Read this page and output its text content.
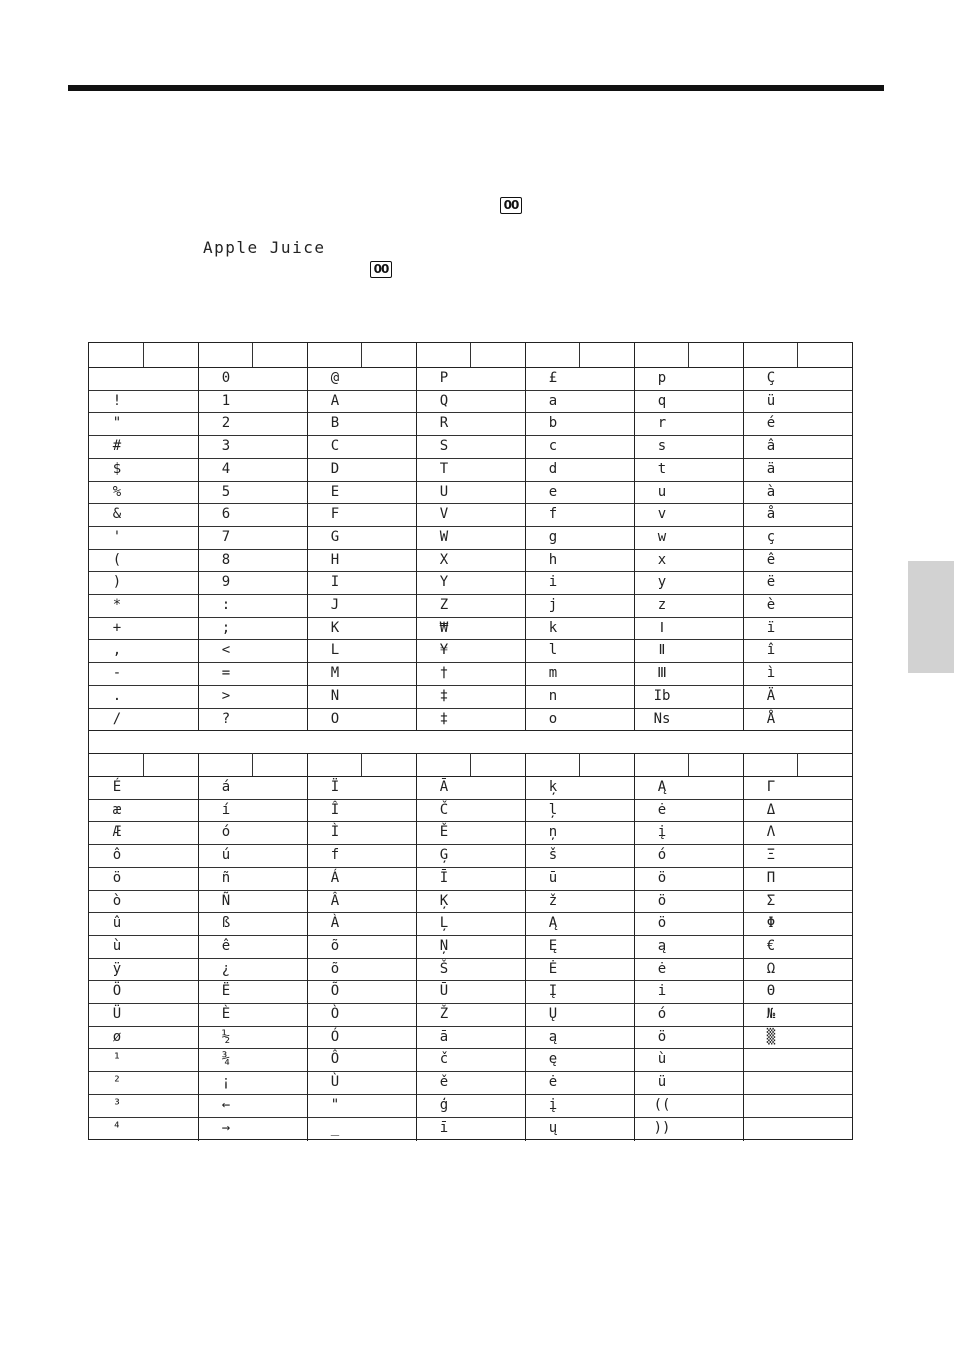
00
Apple Juice
00
!
"
#
$
%
&
'
(
)
*
+
,
-
.
/
0
1
2
3
4
5
6
7
8
9
:
;
<
=
>
?
@
A
B
C
D
E
F
G
H
I
J
K
L
M
N
O
P
Q
R
S
T
U
V
W
X
Y
Z
₩
¥
†
‡
‡
£
a
b
c
d
e
f
g
h
i
j
k
l
m
n
o
p
q
r
s
t
u
v
w
x
y
z
Ⅰ
Ⅱ
Ⅲ
Ib
Ns
Ç
ü
é
â
ä
à
å
ç
ê
ë
è
ï
î
ì
Ä
Å
É
æ
Æ
ô
ö
ò
û
ù
ÿ
Ö
Ü
ø
¹
²
³
⁴
á
í
ó
ú
ñ
Ñ
ß
ê
¿
Ë
È
½
¾
¡
←
→
Ï
Î
Ì
f
Á
Â
À
õ
õ
Õ
Ò
Ó
Ô
Ù
"
_
Ā
Č
Ě
Ģ
Ī
Ķ
Ļ
Ņ
Š
Ū
Ž
ā
č
ě
ģ
ī
ķ
ļ
ņ
š
ū
ž
Ą
Ę
Ė
Į
Ų
ą
ę
ė
į
ų
Ą
ė
į
ó
ö
ö
ö
ą
ė
i
ó
ö
ù
ü
((
))
Γ
Δ
Λ
Ξ
Π
Σ
Φ
€
Ω
Θ
№
▒
